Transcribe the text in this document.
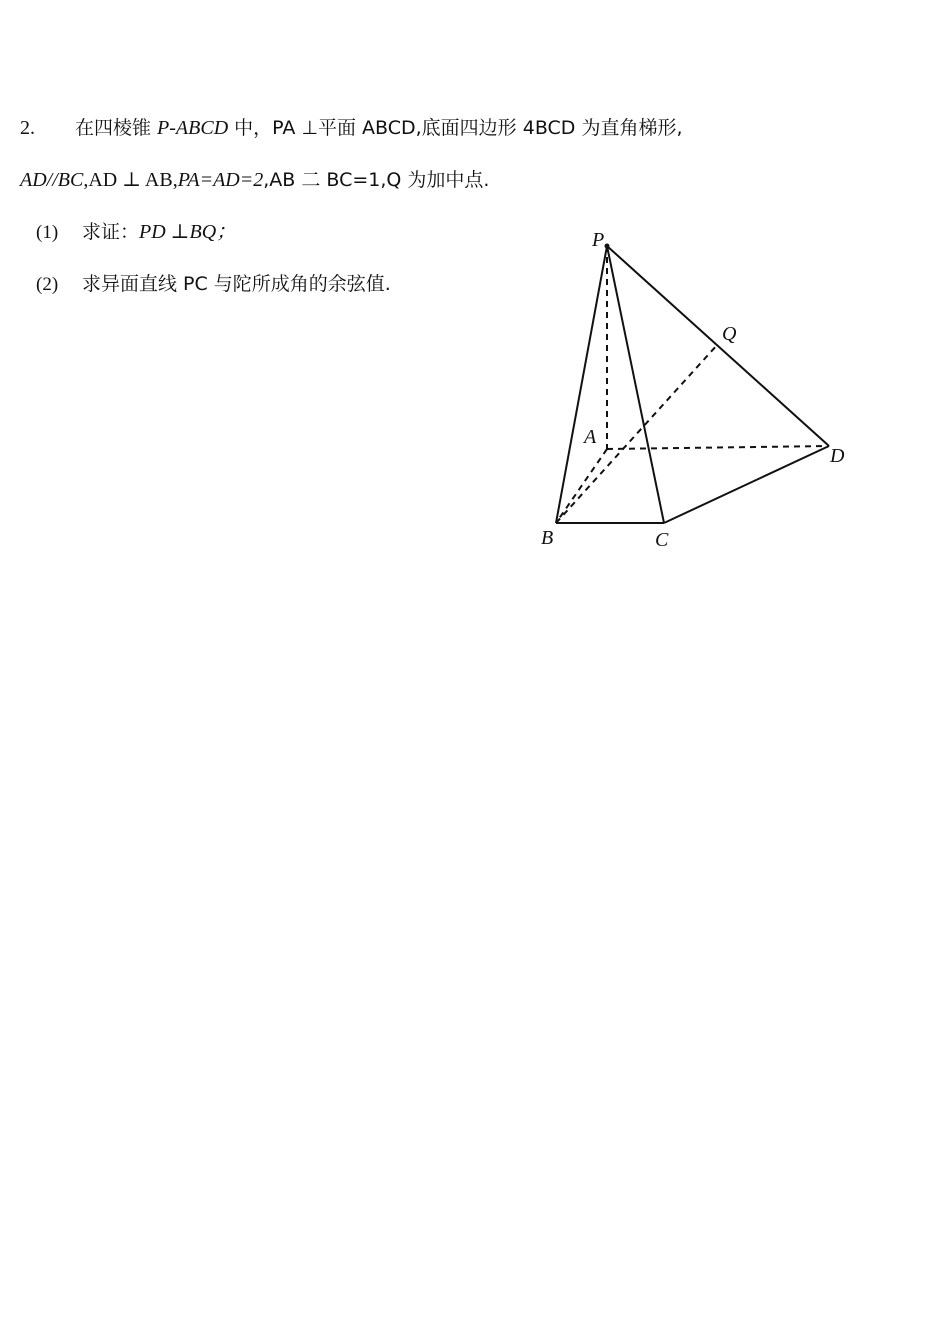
2. 在四棱锥 P-ABCD 中，PA ⊥平面 ABCD,底面四边形 4BCD 为直角梯形,
AD//BC,AD ⊥ AB,PA=AD=2,AB 二 BC=1,Q 为加中点.
(1) 求证：PD ⊥BQ；
(2) 求异面直线 PC 与陀所成角的余弦值.
P
Q
A
D
B	C
